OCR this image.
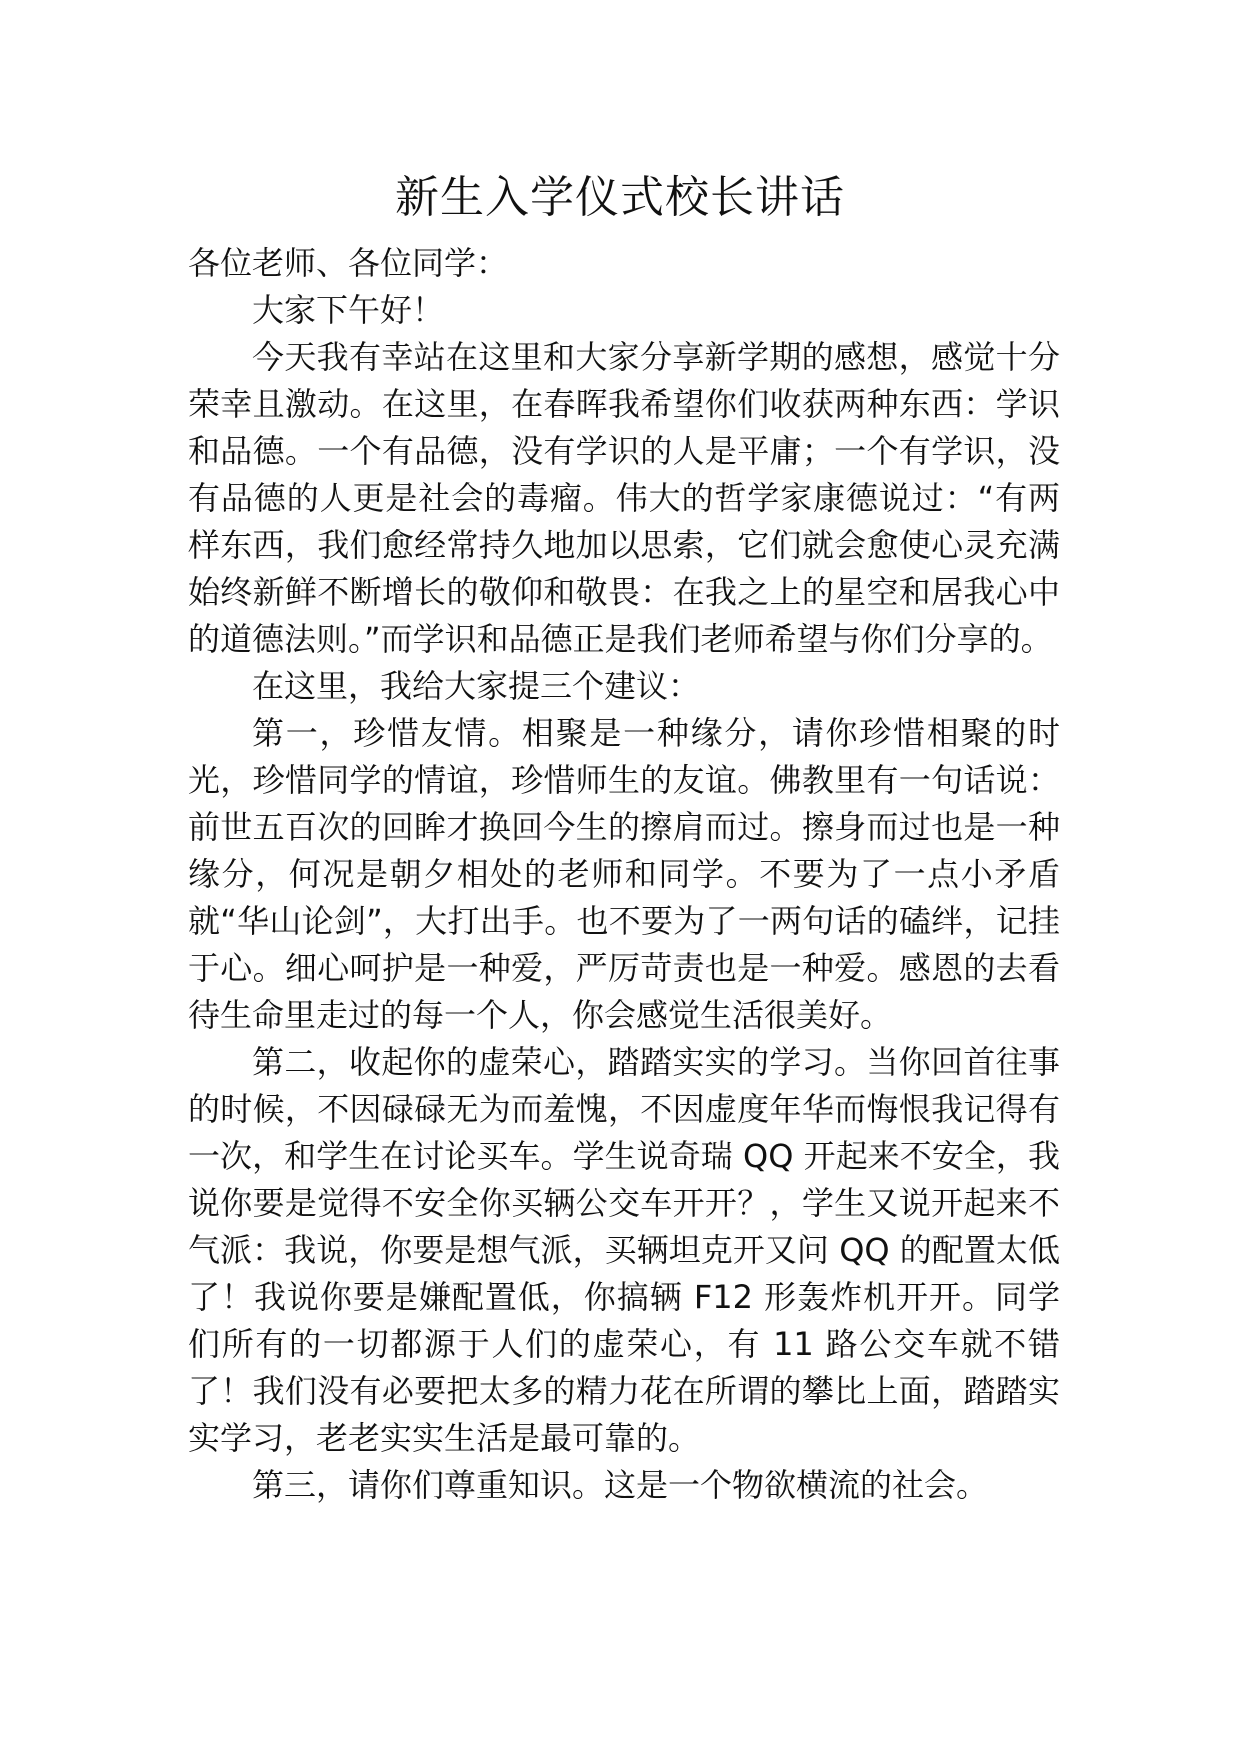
新生入学仪式校长讲话

各位老师、各位同学：

大家下午好！

今天我有幸站在这里和大家分享新学期的感想，感觉十分荣幸且激动。在这里，在春晖我希望你们收获两种东西：学识和品德。一个有品德，没有学识的人是平庸；一个有学识，没有品德的人更是社会的毒瘤。伟大的哲学家康德说过：“有两样东西，我们愈经常持久地加以思索，它们就会愈使心灵充满始终新鲜不断增长的敬仰和敬畏：在我之上的星空和居我心中的道德法则。”而学识和品德正是我们老师希望与你们分享的。

在这里，我给大家提三个建议：

第一，珍惜友情。相聚是一种缘分，请你珍惜相聚的时光，珍惜同学的情谊，珍惜师生的友谊。佛教里有一句话说：前世五百次的回眸才换回今生的擦肩而过。擦身而过也是一种缘分，何况是朝夕相处的老师和同学。不要为了一点小矛盾就“华山论剑”，大打出手。也不要为了一两句话的磕绊，记挂于心。细心呵护是一种爱，严厉苛责也是一种爱。感恩的去看待生命里走过的每一个人，你会感觉生活很美好。

第二，收起你的虚荣心，踏踏实实的学习。当你回首往事的时候，不因碌碌无为而羞愧，不因虚度年华而悔恨我记得有一次，和学生在讨论买车。学生说奇瑞 QQ 开起来不安全，我说你要是觉得不安全你买辆公交车开开？，学生又说开起来不气派：我说，你要是想气派，买辆坦克开又问 QQ 的配置太低了！我说你要是嫌配置低，你搞辆 F12 形轰炸机开开。同学们所有的一切都源于人们的虚荣心，有 11 路公交车就不错了！我们没有必要把太多的精力花在所谓的攀比上面，踏踏实实学习，老老实实生活是最可靠的。

第三，请你们尊重知识。这是一个物欲横流的社会。
